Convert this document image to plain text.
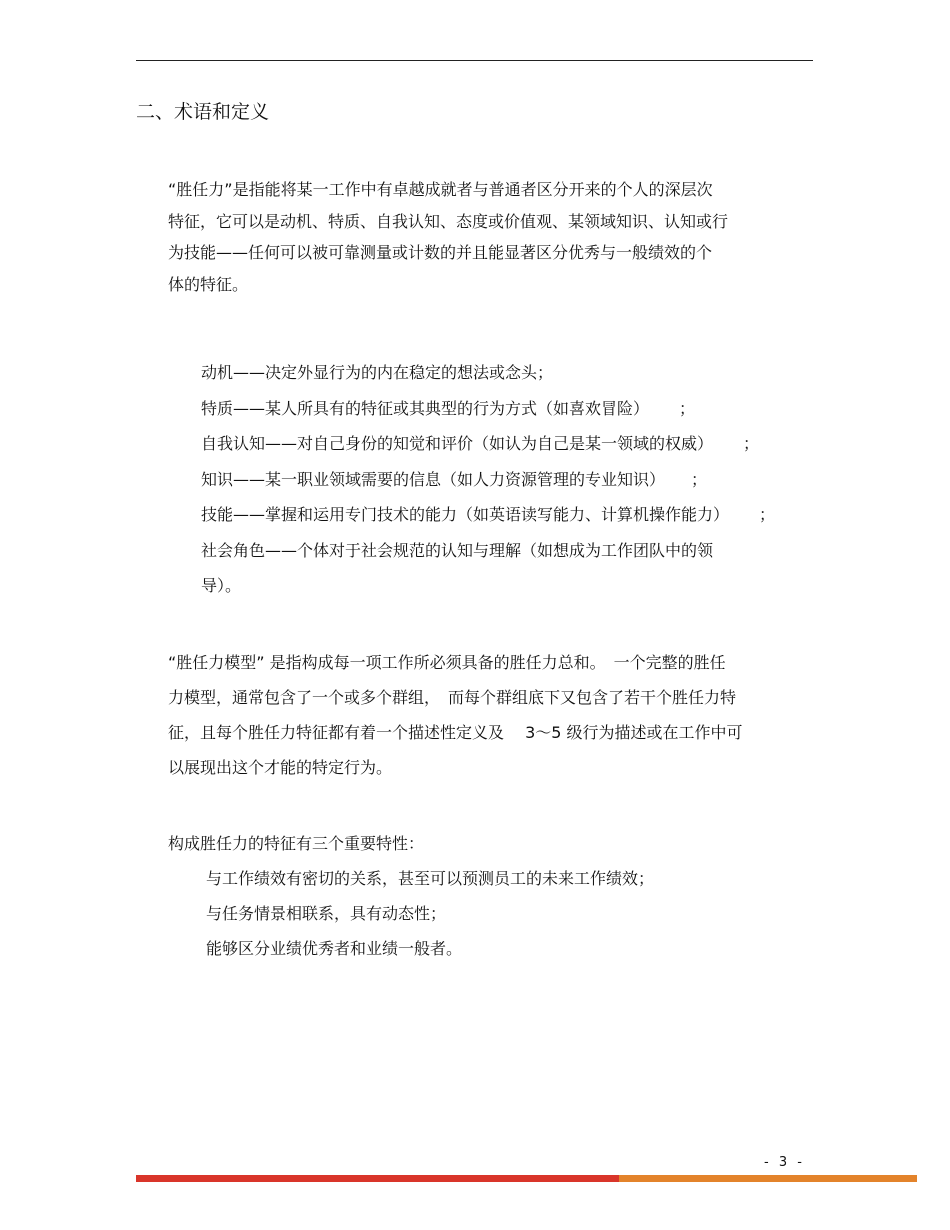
二、术语和定义
“胜任力”是指能将某一工作中有卓越成就者与普通者区分开来的个人的深层次
特征，它可以是动机、特质、自我认知、态度或价值观、某领域知识、认知或行
为技能——任何可以被可靠测量或计数的并且能显著区分优秀与一般绩效的个
体的特征。
动机——决定外显行为的内在稳定的想法或念头；
特质——某人所具有的特征或其典型的行为方式（如喜欢冒险） ；
自我认知——对自己身份的知觉和评价（如认为自己是某一领域的权威） ；
知识——某一职业领域需要的信息（如人力资源管理的专业知识） ；
技能——掌握和运用专门技术的能力（如英语读写能力、计算机操作能力） ；
社会角色——个体对于社会规范的认知与理解（如想成为工作团队中的领
导）。
“胜任力模型” 是指构成每一项工作所必须具备的胜任力总和。　一个完整的胜任
力模型，通常包含了一个或多个群组，　而每个群组底下又包含了若干个胜任力特
征，且每个胜任力特征都有着一个描述性定义及　 3～5 级行为描述或在工作中可
以展现出这个才能的特定行为。
构成胜任力的特征有三个重要特性：
与工作绩效有密切的关系，甚至可以预测员工的未来工作绩效；
与任务情景相联系，具有动态性；
能够区分业绩优秀者和业绩一般者。
- 3 -
